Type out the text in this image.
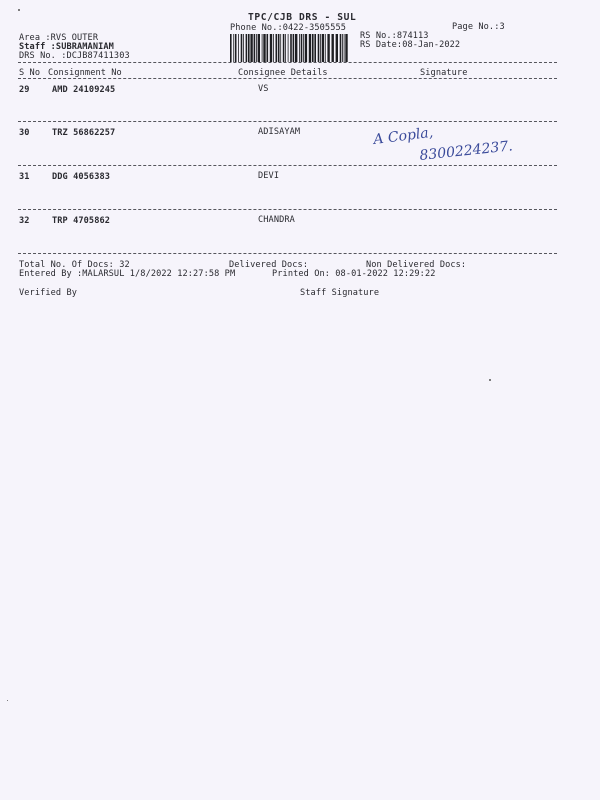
TPC/CJB DRS - SUL
Phone No.:0422-3505555	Page No.:3
Area :RVS OUTER
Staff :SUBRAMANIAM
DRS No. :DCJB87411303
RS No.:874113
RS Date:08-Jan-2022
S No Consignment No	Consignee Details	Signature
29	AMD 24109245	VS
30	TRZ 56862257	ADISAYAM	A Copla,
8300224237.
31	DDG 4056383	DEVI
32	TRP 4705862	CHANDRA
Total No. Of Docs: 32	Delivered Docs:	Non Delivered Docs:
Entered By :MALARSUL 1/8/2022 12:27:58 PM	Printed On: 08-01-2022 12:29:22
Verified By	Staff Signature
